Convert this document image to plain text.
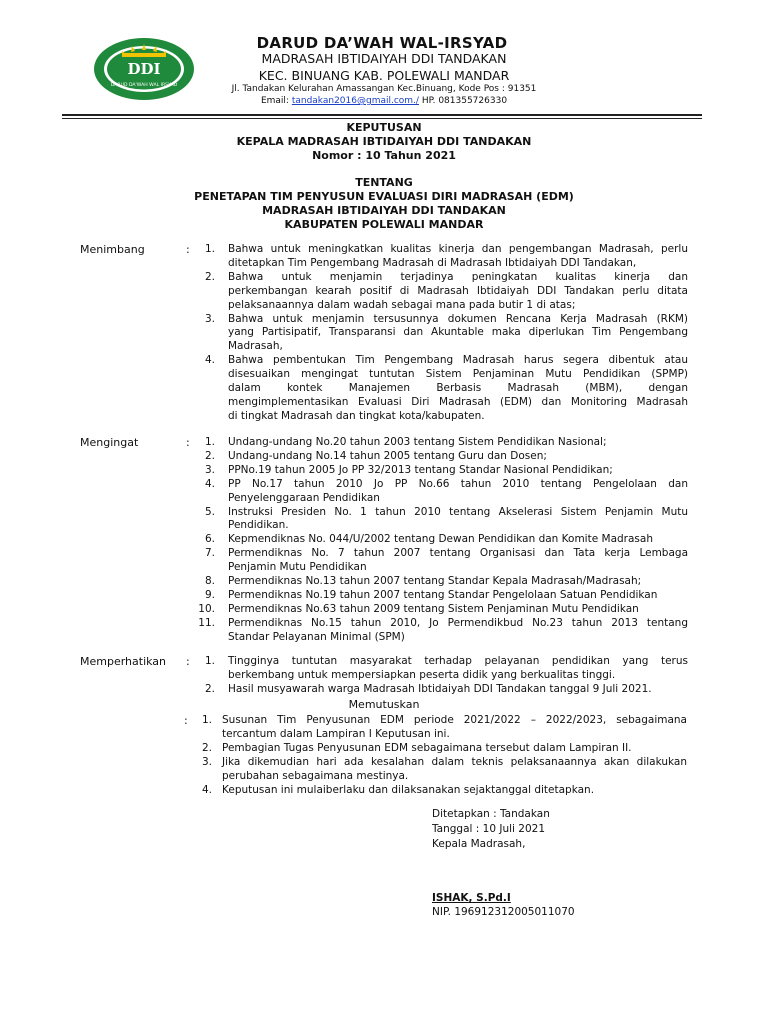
DDI
DARUD DA'WAH WAL IRSYAD
DARUD DA’WAH WAL-IRSYAD
MADRASAH IBTIDAIYAH DDI TANDAKAN
KEC. BINUANG KAB. POLEWALI MANDAR
Jl. Tandakan Kelurahan Amassangan Kec.Binuang, Kode Pos : 91351
Email: tandakan2016@gmail.com./ HP. 081355726330
KEPUTUSAN
KEPALA MADRASAH IBTIDAIYAH DDI TANDAKAN
Nomor : 10 Tahun 2021
TENTANG
PENETAPAN TIM PENYUSUN EVALUASI DIRI MADRASAH (EDM)
MADRASAH IBTIDAIYAH DDI TANDAKAN
KABUPATEN POLEWALI MANDAR
Menimbang	:	1. Bahwa untuk meningkatkan kualitas kinerja dan pengembangan Madrasah, perlu
ditetapkan Tim Pengembang Madrasah di Madrasah Ibtidaiyah DDI Tandakan,
2. Bahwa untuk menjamin terjadinya peningkatan kualitas kinerja dan
perkembangan kearah positif di Madrasah Ibtidaiyah DDI Tandakan perlu ditata
pelaksanaannya dalam wadah sebagai mana pada butir 1 di atas;
3. Bahwa untuk menjamin tersusunnya dokumen Rencana Kerja Madrasah (RKM)
yang Partisipatif, Transparansi dan Akuntable maka diperlukan Tim Pengembang
Madrasah,
4. Bahwa pembentukan Tim Pengembang Madrasah harus segera dibentuk atau
disesuaikan mengingat tuntutan Sistem Penjaminan Mutu Pendidikan (SPMP)
dalam kontek Manajemen Berbasis Madrasah (MBM), dengan
mengimplementasikan Evaluasi Diri Madrasah (EDM) dan Monitoring Madrasah
di tingkat Madrasah dan tingkat kota/kabupaten.
Mengingat	:	1. Undang-undang No.20 tahun 2003 tentang Sistem Pendidikan Nasional;
2. Undang-undang No.14 tahun 2005 tentang Guru dan Dosen;
3. PPNo.19 tahun 2005 Jo PP 32/2013 tentang Standar Nasional Pendidikan;
4. PP No.17 tahun 2010 Jo PP No.66 tahun 2010 tentang Pengelolaan dan
Penyelenggaraan Pendidikan
5. Instruksi Presiden No. 1 tahun 2010 tentang Akselerasi Sistem Penjamin Mutu
Pendidikan.
6. Kepmendiknas No. 044/U/2002 tentang Dewan Pendidikan dan Komite Madrasah
7. Permendiknas No. 7 tahun 2007 tentang Organisasi dan Tata kerja Lembaga
Penjamin Mutu Pendidikan
8. Permendiknas No.13 tahun 2007 tentang Standar Kepala Madrasah/Madrasah;
9. Permendiknas No.19 tahun 2007 tentang Standar Pengelolaan Satuan Pendidikan
10. Permendiknas No.63 tahun 2009 tentang Sistem Penjaminan Mutu Pendidikan
11. Permendiknas No.15 tahun 2010, Jo Permendikbud No.23 tahun 2013 tentang
Standar Pelayanan Minimal (SPM)
Memperhatikan :	1. Tingginya tuntutan masyarakat terhadap pelayanan pendidikan yang terus
berkembang untuk mempersiapkan peserta didik yang berkualitas tinggi.
2. Hasil musyawarah warga Madrasah Ibtidaiyah DDI Tandakan tanggal 9 Juli 2021.
Memutuskan
:	1. Susunan Tim Penyusunan EDM periode 2021/2022 – 2022/2023, sebagaimana
tercantum dalam Lampiran I Keputusan ini.
2. Pembagian Tugas Penyusunan EDM sebagaimana tersebut dalam Lampiran II.
3. Jika dikemudian hari ada kesalahan dalam teknis pelaksanaannya akan dilakukan
perubahan sebagaimana mestinya.
4. Keputusan ini mulaiberlaku dan dilaksanakan sejaktanggal ditetapkan.
Ditetapkan : Tandakan
Tanggal : 10 Juli 2021
Kepala Madrasah,
ISHAK, S.Pd.I
NIP. 196912312005011070
